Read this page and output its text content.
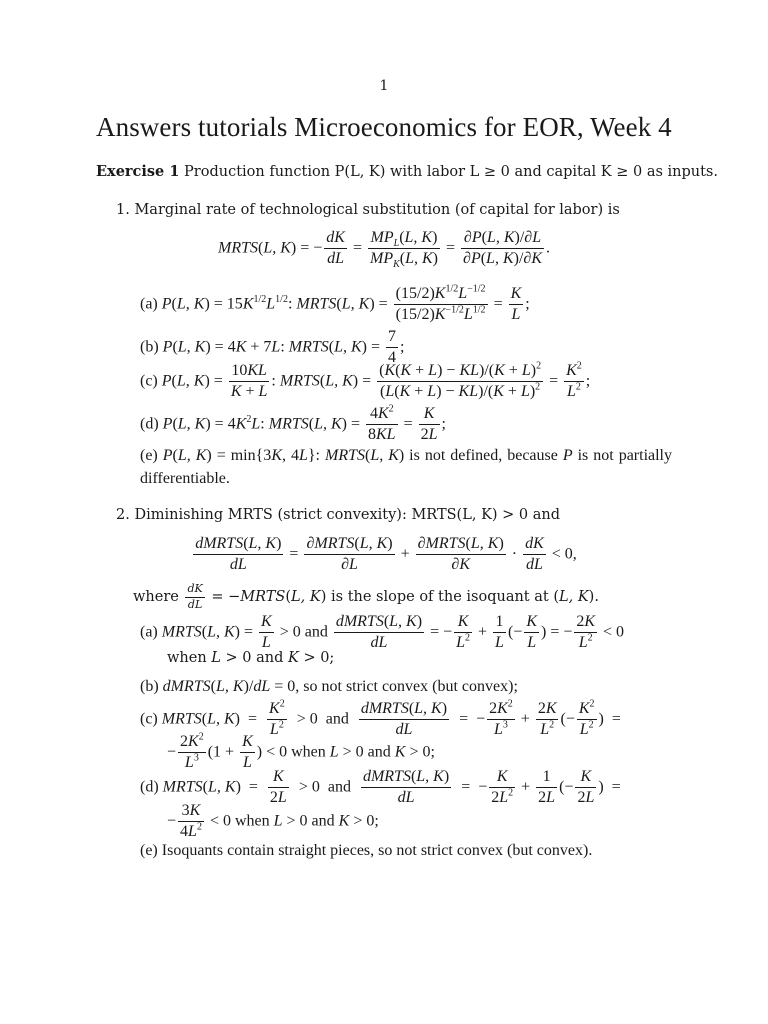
1
Answers tutorials Microeconomics for EOR, Week 4
Exercise 1 Production function P(L, K) with labor L ≥ 0 and capital K ≥ 0 as inputs.
1. Marginal rate of technological substitution (of capital for labor) is
MRTS(L, K) = − $\frac{dK}{dL} = \frac{MP_L(L, K)}{MP_K(L, K)} = \frac{\partial P(L, K)/\partial L}{\partial P(L, K)/\partial K}$ .
(a) P(L, $K) = 15K^{1/2}L^{1/2}$: MRTS(L, $K) = \frac{(15/2)K^{1/2}L^{-1/2}}{(15/2)K^{-1/2}L^{1/2}} = \frac{K}{L}$ ;
(b) P(L, K) = 4K + 7L: MRTS(L, $K) = \frac{7}{4}$ ;
(c) P(L, $K) = \frac{10KL}{K + L}$ : MRTS(L, $K) = \frac{(K(K + L) - KL)/(K + L)^2}{(L(K + L) - KL)/(K + L)^2} = \frac{K^2}{L^2}$ ;
(d) P(L, $K) = 4K^2L$: MRTS(L, $K) = \frac{4K^2}{8KL} = \frac{K}{2L}$ ;
(e) P(L, K) = min{3K, 4L}: MRTS(L, K) is not defined, because P is not partially differentiable.
2. Diminishing MRTS (strict convexity): MRTS(L, K) > 0 and
$\frac{\text{dMRTS(L, K)}}{dL} = \frac{\text{∂MRTS(L, K)}}{\partial L} + \frac{\text{∂MRTS(L, K)}}{\partial K} \cdot \frac{dK}{dL} < 0$,
where $\frac{dK}{dL}$ = −MRTS(L, K) is the slope of the isoquant at (L, K).
(a) MRTS(L, $K) = \frac{K}{L} > 0$ and $\frac{\text{dMRTS(L, K)}}{dL}$ = − $\frac{K}{L^2} + \frac{1}{L}$ (− $\frac{K}{L}$ ) = − $\frac{2K}{L^2} < 0$
when L > 0 and K > 0;
(b) dMRTS(L, K)/dL = 0, so not strict convex (but convex);
(c) MRTS(L, $K) = \frac{K^2}{L^2} > 0$  and $\frac{\text{dMRTS(L, K)}}{dL}$ =  − $\frac{2K^2}{L^3} + \frac{2K}{L^2}$ (− $\frac{K^2}{L^2}$ )  =
− $\frac{2K^2}{L^3} (1 + \frac{K}{L}$ ) < 0 when L > 0 and K > 0;
(d) MRTS(L, $K) = \frac{K}{2L} > 0$  and $\frac{\text{dMRTS(L, K)}}{dL}$ =  − $\frac{K}{2L^2} + \frac{1}{2L}$ (− $\frac{K}{2L}$ )  =
− $\frac{3K}{4L^2} < 0$ when L > 0 and K > 0;
(e) Isoquants contain straight pieces, so not strict convex (but convex).
